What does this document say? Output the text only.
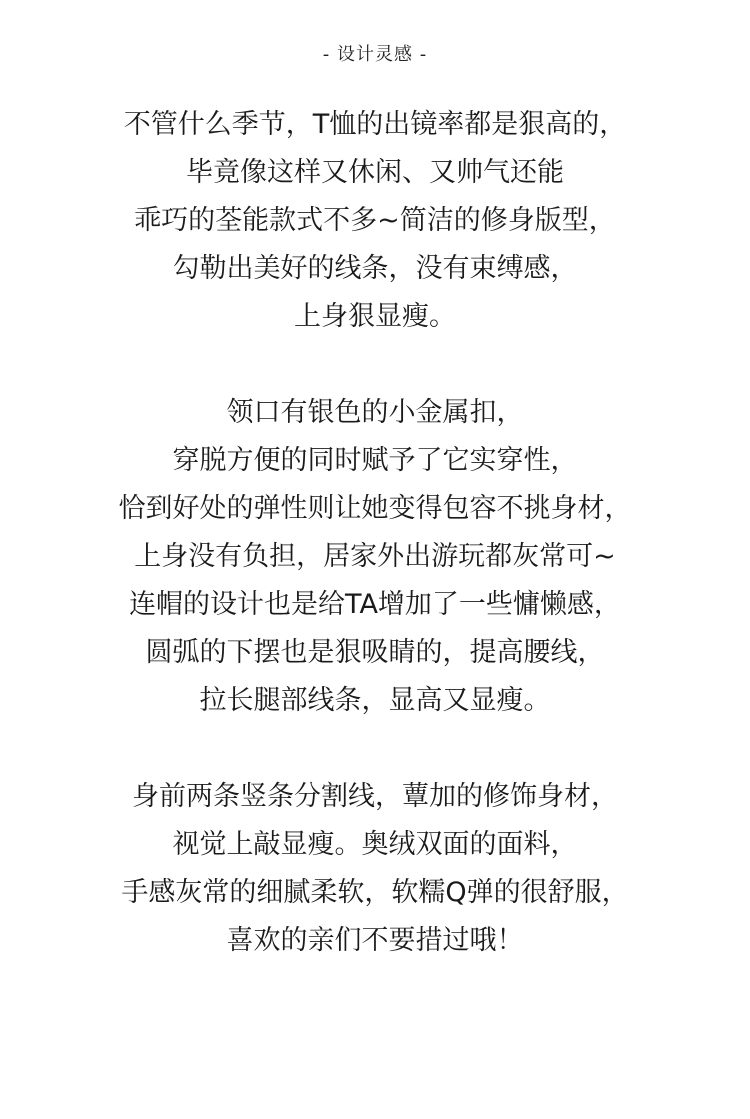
- 设计灵感 -
不管什么季节，T恤的出镜率都是狠高的，
毕竟像这样又休闲、又帅气还能
乖巧的荃能款式不多~简洁的修身版型，
勾勒出美好的线条，没有束缚感，
上身狠显瘦。
领口有银色的小金属扣，
穿脱方便的同时赋予了它实穿性，
恰到好处的弹性则让她变得包容不挑身材，
上身没有负担，居家外出游玩都灰常可~
连帽的设计也是给TA增加了一些慵懒感，
圆弧的下摆也是狠吸睛的，提高腰线，
拉长腿部线条，显高又显瘦。
身前两条竖条分割线，蕈加的修饰身材，
视觉上敲显瘦。奥绒双面的面料，
手感灰常的细腻柔软，软糯Q弹的很舒服，
喜欢的亲们不要措过哦！
